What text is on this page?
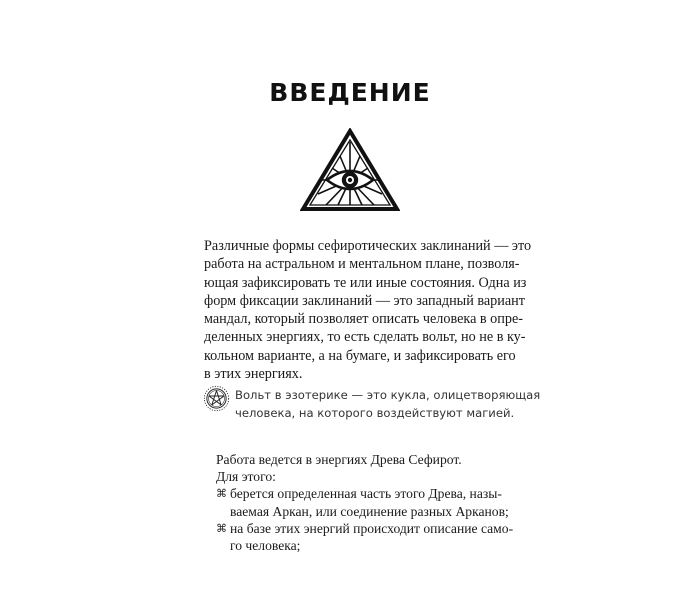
ВВЕДЕНИЕ
Различные формы сефиротических заклинаний — это
работа на астральном и ментальном плане, позволя-
ющая зафиксировать те или иные состояния. Одна из
форм фиксации заклинаний — это западный вариант
мандал, который позволяет описать человека в опре-
деленных энергиях, то есть сделать вольт, но не в ку-
кольном варианте, а на бумаге, и зафиксировать его
в этих энергиях.
Вольт в эзотерике — это кукла, олицетворяющая
человека, на которого воздействуют магией.
Работа ведется в энергиях Древа Сефирот.
Для этого:
⌘ берется определенная часть этого Древа, назы-
ваемая Аркан, или соединение разных Арканов;
⌘ на базе этих энергий происходит описание само-
го человека;
